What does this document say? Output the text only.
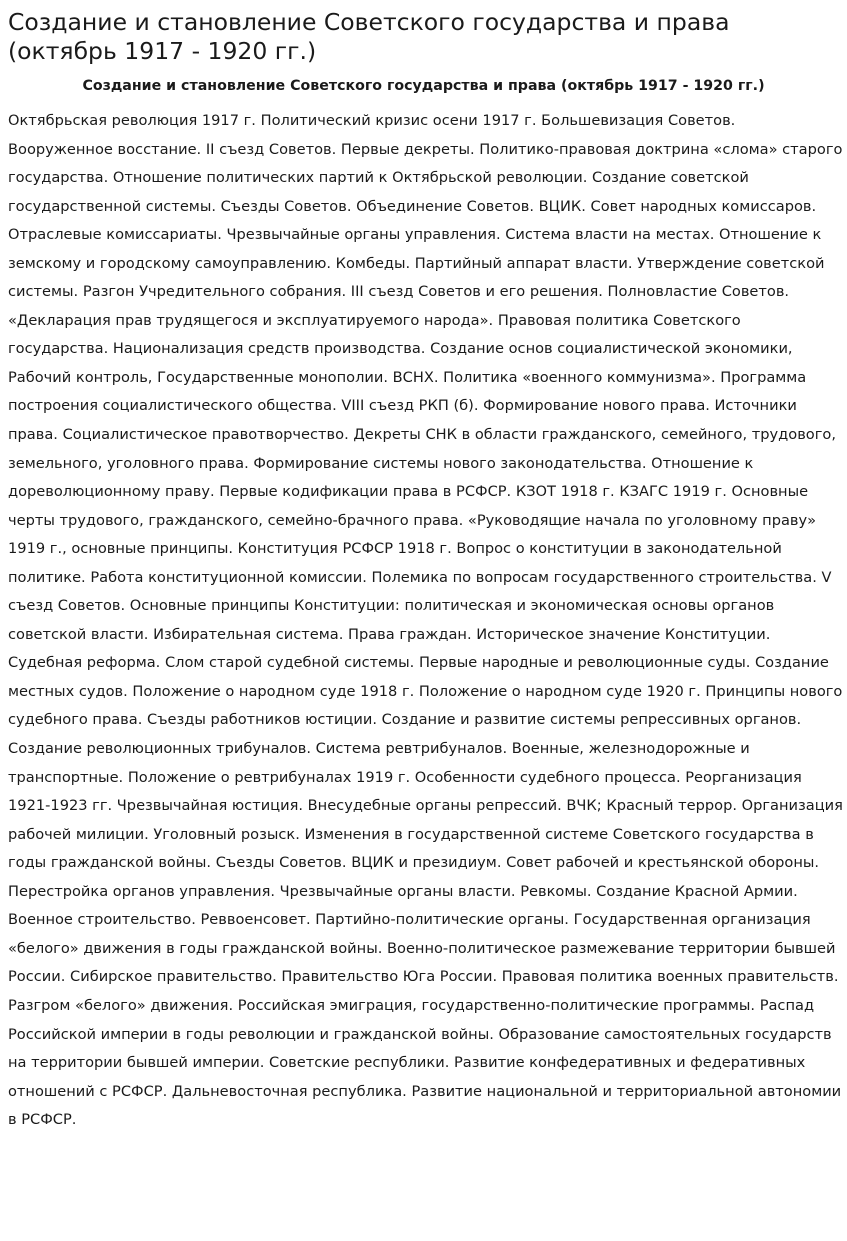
Создание и становление Советского государства и права (октябрь 1917 - 1920 гг.)
Создание и становление Советского государства и права (октябрь 1917 - 1920 гг.)

Октябрьская революция 1917 г. Политический кризис осени 1917 г. Большевизация Советов. Вооруженное восстание. II съезд Советов. Первые декреты. Политико-правовая доктрина «слома» старого государства. Отношение политических партий к Октябрьской революции. Создание советской государственной системы. Съезды Советов. Объединение Советов. ВЦИК. Совет народных комиссаров. Отраслевые комиссариаты. Чрезвычайные органы управления. Система власти на местах. Отношение к земскому и городскому самоуправлению. Комбеды. Партийный аппарат власти. Утверждение советской системы. Разгон Учредительного собрания. III съезд Советов и его решения. Полновластие Советов. «Декларация прав трудящегося и эксплуатируемого народа». Правовая политика Советского государства. Национализация средств производства. Создание основ социалистической экономики, Рабочий контроль, Государственные монополии. ВСНХ. Политика «военного коммунизма». Программа построения социалистического общества. VIII съезд РКП (б). Формирование нового права. Источники права. Социалистическое правотворчество. Декреты СНК в области гражданского, семейного, трудового, земельного, уголовного права. Формирование системы нового законодательства. Отношение к дореволюционному праву. Первые кодификации права в РСФСР. КЗОТ 1918 г. КЗАГС 1919 г. Основные черты трудового, гражданского, семейно-брачного права. «Руководящие начала по уголовному праву» 1919 г., основные принципы. Конституция РСФСР 1918 г. Вопрос о конституции в законодательной политике. Работа конституционной комиссии. Полемика по вопросам государственного строительства. V съезд Советов. Основные принципы Конституции: политическая и экономическая основы органов советской власти. Избирательная система. Права граждан. Историческое значение Конституции. Судебная реформа. Слом старой судебной системы. Первые народные и революционные суды. Создание местных судов. Положение о народном суде 1918 г. Положение о народном суде 1920 г. Принципы нового судебного права. Съезды работников юстиции. Создание и развитие системы репрессивных органов. Создание революционных трибуналов. Система ревтрибуналов. Военные, железнодорожные и транспортные. Положение о ревтрибуналах 1919 г. Особенности судебного процесса. Реорганизация 1921-1923 гг. Чрезвычайная юстиция. Внесудебные органы репрессий. ВЧК; Красный террор. Организация рабочей милиции. Уголовный розыск. Изменения в государственной системе Советского государства в годы гражданской войны. Съезды Советов. ВЦИК и президиум. Совет рабочей и крестьянской обороны. Перестройка органов управления. Чрезвычайные органы власти. Ревкомы. Создание Красной Армии. Военное строительство. Реввоенсовет. Партийно-политические органы. Государственная организация «белого» движения в годы гражданской войны. Военно-политическое размежевание территории бывшей России. Сибирское правительство. Правительство Юга России. Правовая политика военных правительств. Разгром «белого» движения. Российская эмиграция, государственно-политические программы. Распад Российской империи в годы революции и гражданской войны. Образование самостоятельных государств на территории бывшей империи. Советские республики. Развитие конфедеративных и федеративных отношений с РСФСР. Дальневосточная республика. Развитие национальной и территориальной автономии в РСФСР.
